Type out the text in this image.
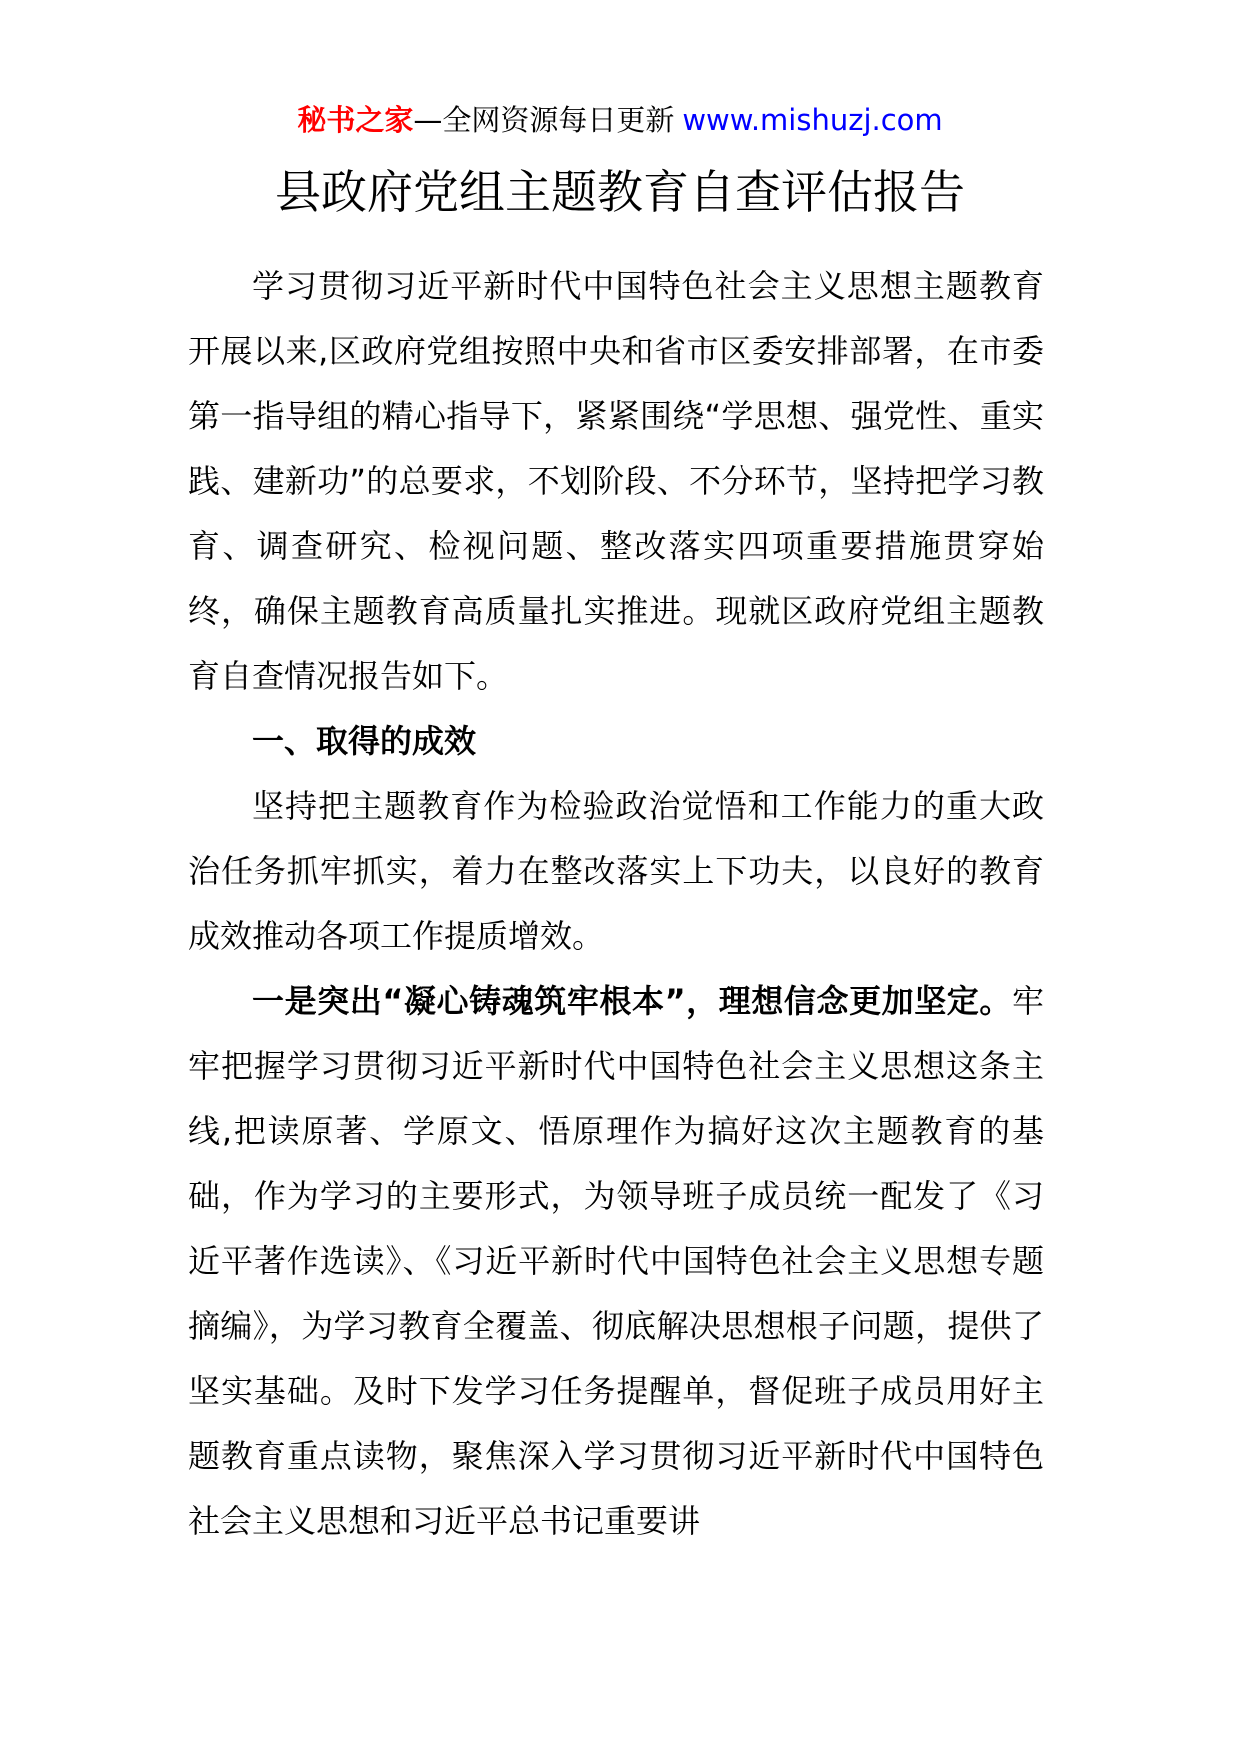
秘书之家—全网资源每日更新 www.mishuzj.com
县政府党组主题教育自查评估报告

学习贯彻习近平新时代中国特色社会主义思想主题教育开展以来,区政府党组按照中央和省市区委安排部署，在市委第一指导组的精心指导下，紧紧围绕“学思想、强党性、重实践、建新功”的总要求，不划阶段、不分环节，坚持把学习教育、调查研究、检视问题、整改落实四项重要措施贯穿始终，确保主题教育高质量扎实推进。现就区政府党组主题教育自查情况报告如下。

一、取得的成效

坚持把主题教育作为检验政治觉悟和工作能力的重大政治任务抓牢抓实，着力在整改落实上下功夫，以良好的教育成效推动各项工作提质增效。

一是突出“凝心铸魂筑牢根本”，理想信念更加坚定。牢牢把握学习贯彻习近平新时代中国特色社会主义思想这条主线,把读原著、学原文、悟原理作为搞好这次主题教育的基础，作为学习的主要形式，为领导班子成员统一配发了《习近平著作选读》、《习近平新时代中国特色社会主义思想专题摘编》，为学习教育全覆盖、彻底解决思想根子问题，提供了坚实基础。及时下发学习任务提醒单，督促班子成员用好主题教育重点读物，聚焦深入学习贯彻习近平新时代中国特色社会主义思想和习近平总书记重要讲
